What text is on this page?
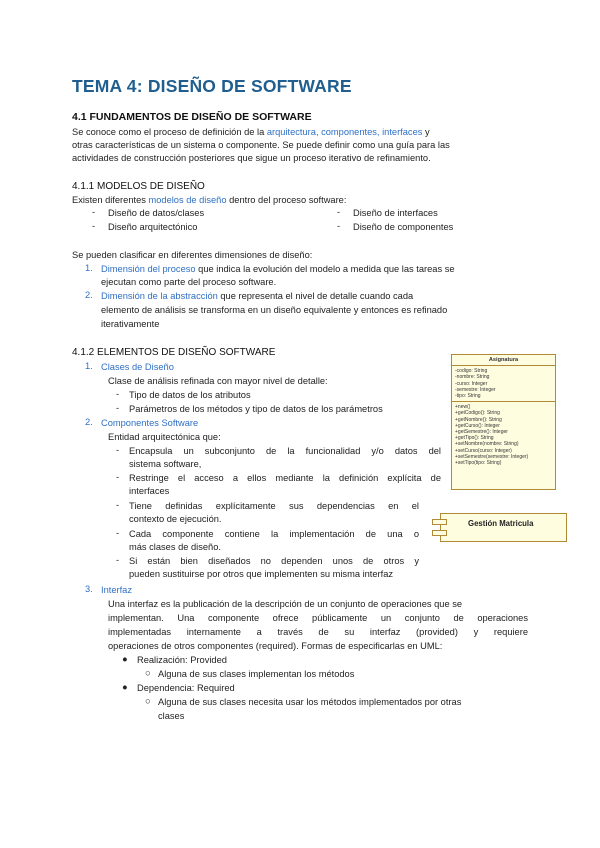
TEMA 4: DISEÑO DE SOFTWARE
4.1 FUNDAMENTOS DE DISEÑO DE SOFTWARE
Se conoce como el proceso de definición de la arquitectura, componentes, interfaces y
otras características de un sistema o componente. Se puede definir como una guía para las
actividades de construcción posteriores que sigue un proceso iterativo de refinamiento.
4.1.1 MODELOS DE DISEÑO
Existen diferentes modelos de diseño dentro del proceso software:
- Diseño de datos/clases	- Diseño de interfaces
- Diseño arquitectónico	- Diseño de componentes
Se pueden clasificar en diferentes dimensiones de diseño:
1. Dimensión del proceso que indica la evolución del modelo a medida que las tareas se
ejecutan como parte del proceso software.
2. Dimensión de la abstracción que representa el nivel de detalle cuando cada
elemento de análisis se transforma en un diseño equivalente y entonces es refinado
iterativamente
4.1.2 ELEMENTOS DE DISEÑO SOFTWARE
1. Clases de Diseño
Clase de análisis refinada con mayor nivel de detalle:
- Tipo de datos de los atributos
- Parámetros de los métodos y tipo de datos de los parámetros
2. Componentes Software
Entidad arquitectónica que:
- Encapsula un subconjunto de la funcionalidad y/o datos del
sistema software,
- Restringe el acceso a ellos mediante la definición explícita de
interfaces
- Tiene definidas explícitamente sus dependencias en el
contexto de ejecución.
- Cada componente contiene la implementación de una o
más clases de diseño.
- Si están bien diseñados no dependen unos de otros y
pueden sustituirse por otros que implementen su misma interfaz
3. Interfaz
Una interfaz es la publicación de la descripción de un conjunto de operaciones que se
implementan. Una componente ofrece públicamente un conjunto de operaciones
implementadas internamente a través de su interfaz (provided) y requiere
operaciones de otros componentes (required). Formas de especificarlas en UML:
● Realización: Provided
○ Alguna de sus clases implementan los métodos
● Dependencia: Required
○ Alguna de sus clases necesita usar los métodos implementados por otras
clases
Asignatura
-codigo: String
-nombre: String
-curso: Integer
-semestre: Integer
-tipo: String
+new()
+getCodigo(): String
+getNombre(): String
+getCurso(): Integer
+getSemestre(): Integer
+getTipo(): String
+setNombre(nombre: String)
+setCurso(curso: Integer)
+setSemestre(semestre: Integer)
+setTipo(tipo: String)
Gestión Matricula
